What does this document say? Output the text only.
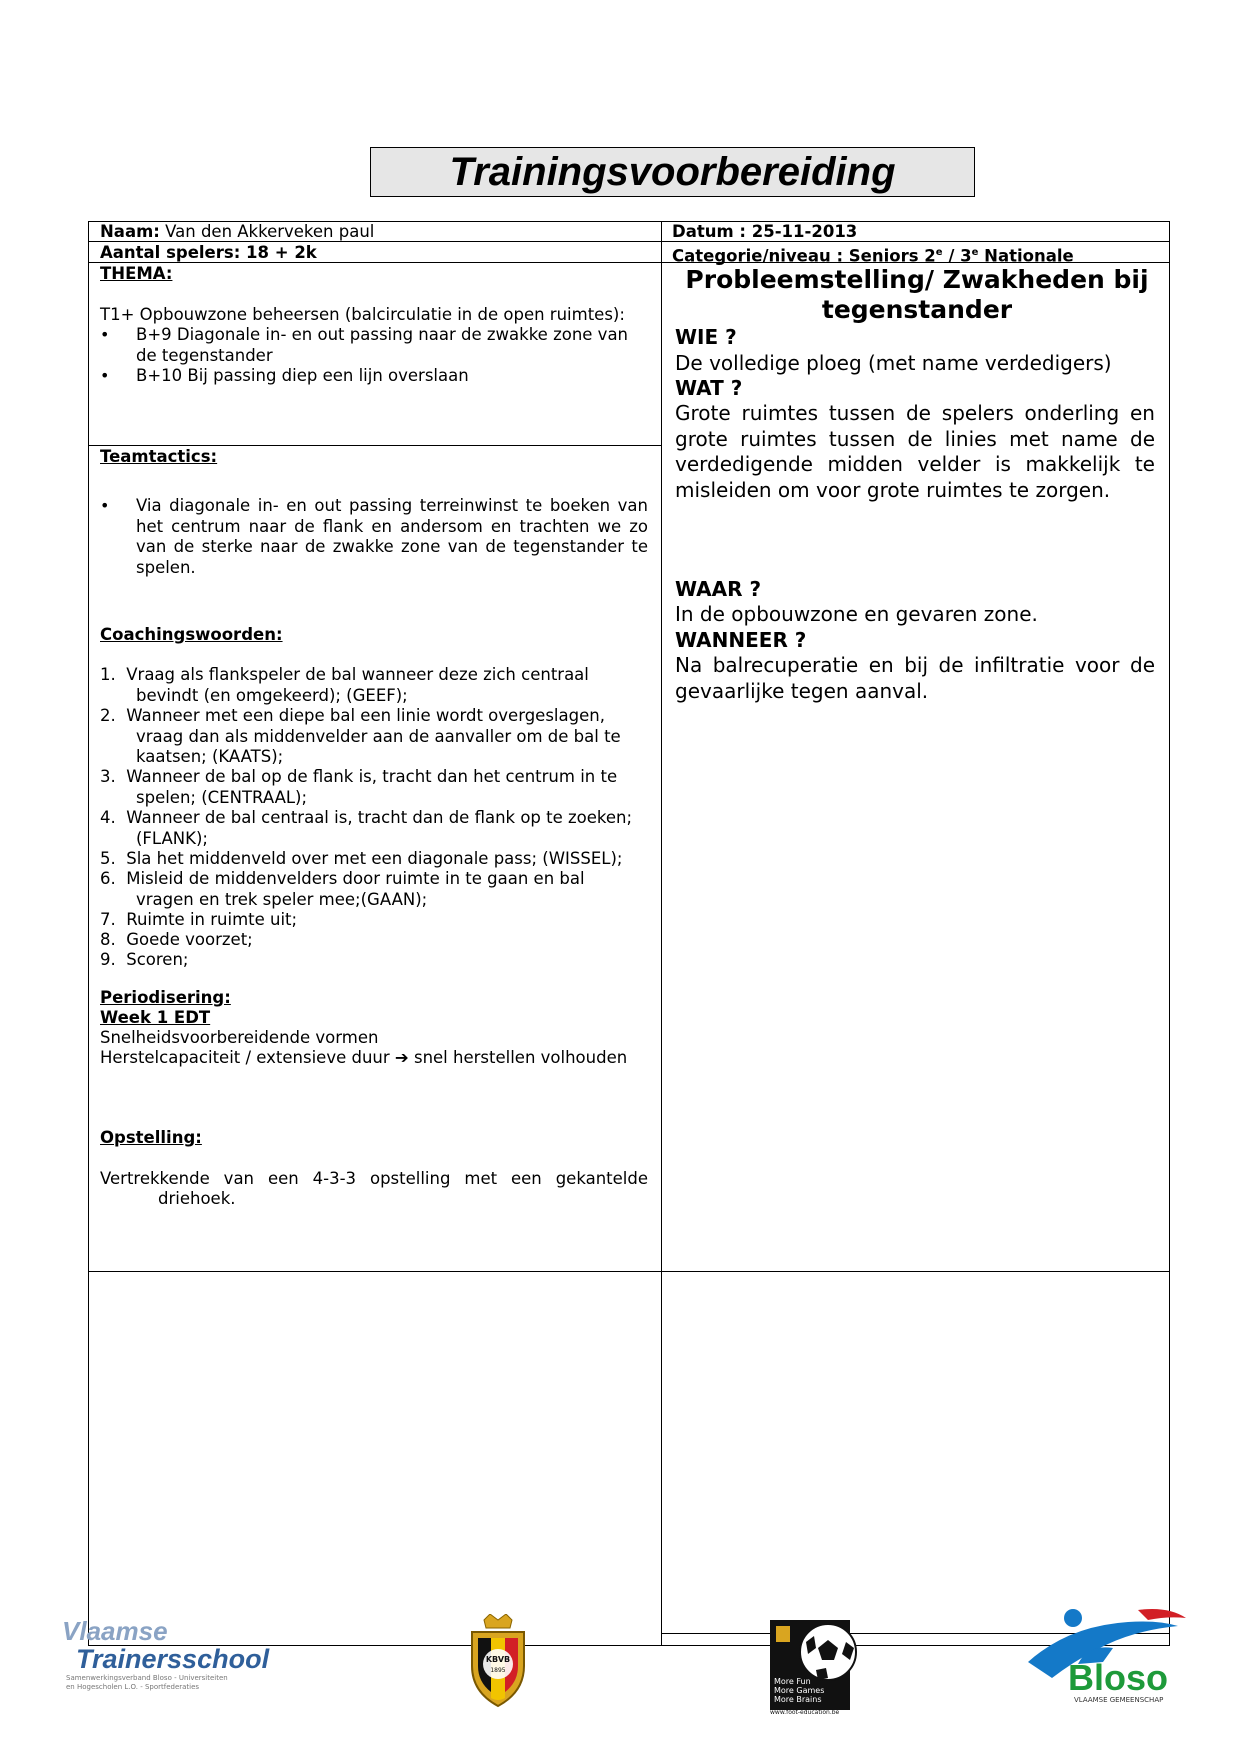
Trainingsvoorbereiding
Naam: Van den Akkerveken paul	Datum : 25-11-2013
Aantal spelers: 18 + 2k	Categorie/niveau : Seniors 2e / 3e Nationale
THEMA:
T1+ Opbouwzone beheersen (balcirculatie in de open ruimtes):
• B+9 Diagonale in- en out passing naar de zwakke zone van de tegenstander
• B+10 Bij passing diep een lijn overslaan
Teamtactics:
• Via diagonale in- en out passing terreinwinst te boeken van het centrum naar de flank en andersom en trachten we zo van de sterke naar de zwakke zone van de tegenstander te spelen.
Coachingswoorden:
1. Vraag als flankspeler de bal wanneer deze zich centraal
bevindt (en omgekeerd); (GEEF);
2. Wanneer met een diepe bal een linie wordt overgeslagen,
vraag dan als middenvelder aan de aanvaller om de bal te
kaatsen; (KAATS);
3. Wanneer de bal op de flank is, tracht dan het centrum in te
spelen; (CENTRAAL);
4. Wanneer de bal centraal is, tracht dan de flank op te zoeken;
(FLANK);
5. Sla het middenveld over met een diagonale pass; (WISSEL);
6. Misleid de middenvelders door ruimte in te gaan en bal
vragen en trek speler mee;(GAAN);
7. Ruimte in ruimte uit;
8. Goede voorzet;
9. Scoren;
Periodisering:
Week 1 EDT
Snelheidsvoorbereidende vormen
Herstelcapaciteit / extensieve duur ➔ snel herstellen volhouden
Opstelling:
Vertrekkende van een 4-3-3 opstelling met een gekantelde
driehoek.
Probleemstelling/ Zwakheden bij
tegenstander
WIE ?
De volledige ploeg (met name verdedigers)
WAT ?
Grote ruimtes tussen de spelers onderling en grote ruimtes tussen de linies met name de verdedigende midden velder is makkelijk te misleiden om voor grote ruimtes te zorgen.
WAAR ?
In de opbouwzone en gevaren zone.
WANNEER ?
Na balrecuperatie en bij de infiltratie voor de gevaarlijke tegen aanval.
Vlaamse
Trainersschool
Samenwerkingsverband Bloso - Universiteiten
en Hogescholen L.O. - Sportfederaties
KBVB
1895
More Fun
More Games
More Brains
www.foot-education.be
Bloso
VLAAMSE GEMEENSCHAP
